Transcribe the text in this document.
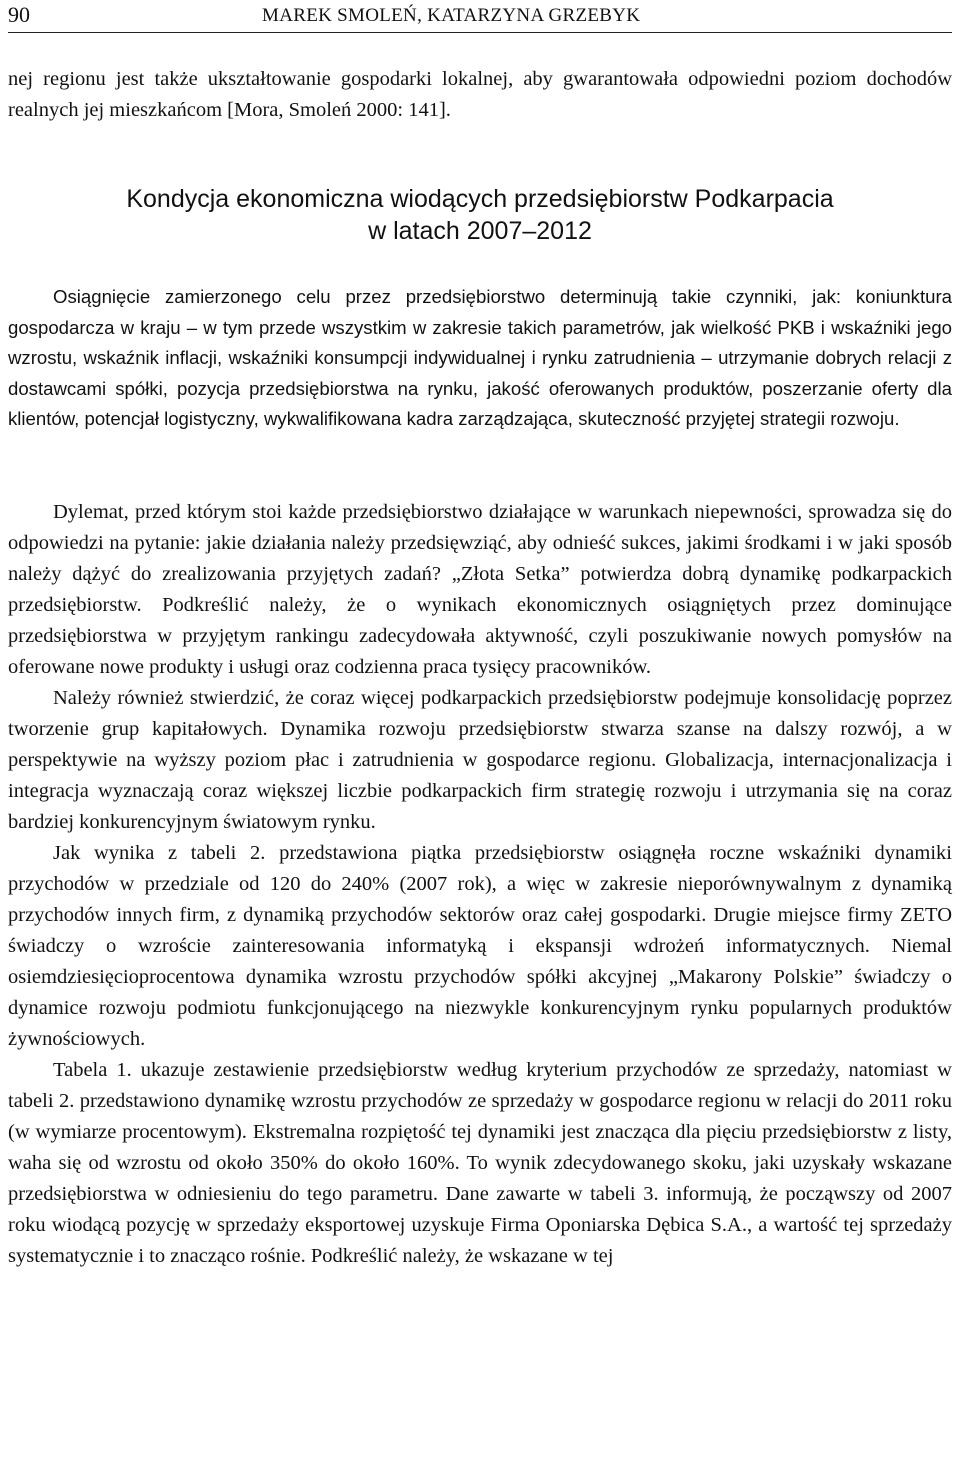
90	MAREK SMOLEŃ, KATARZYNA GRZEBYK

nej regionu jest także ukształtowanie gospodarki lokalnej, aby gwarantowała odpowiedni poziom dochodów realnych jej mieszkańcom [Mora, Smoleń 2000: 141].

Kondycja ekonomiczna wiodących przedsiębiorstw Podkarpacia
w latach 2007–2012

Osiągnięcie zamierzonego celu przez przedsiębiorstwo determinują takie czynniki, jak: koniunktura gospodarcza w kraju – w tym przede wszystkim w zakresie takich parametrów, jak wielkość PKB i wskaźniki jego wzrostu, wskaźnik inflacji, wskaźniki konsumpcji indywidualnej i rynku zatrudnienia – utrzymanie dobrych relacji z dostawcami spółki, pozycja przedsiębiorstwa na rynku, jakość oferowanych produktów, poszerzanie oferty dla klientów, potencjał logistyczny, wykwalifikowana kadra zarządzająca, skuteczność przyjętej strategii rozwoju.

Dylemat, przed którym stoi każde przedsiębiorstwo działające w warunkach niepewności, sprowadza się do odpowiedzi na pytanie: jakie działania należy przedsięwziąć, aby odnieść sukces, jakimi środkami i w jaki sposób należy dążyć do zrealizowania przyjętych zadań? „Złota Setka” potwierdza dobrą dynamikę podkarpackich przedsiębiorstw. Podkreślić należy, że o wynikach ekonomicznych osiągniętych przez dominujące przedsiębiorstwa w przyjętym rankingu zadecydowała aktywność, czyli poszukiwanie nowych pomysłów na oferowane nowe produkty i usługi oraz codzienna praca tysięcy pracowników.

Należy również stwierdzić, że coraz więcej podkarpackich przedsiębiorstw podejmuje konsolidację poprzez tworzenie grup kapitałowych. Dynamika rozwoju przedsiębiorstw stwarza szanse na dalszy rozwój, a w perspektywie na wyższy poziom płac i zatrudnienia w gospodarce regionu. Globalizacja, internacjonalizacja i integracja wyznaczają coraz większej liczbie podkarpackich firm strategię rozwoju i utrzymania się na coraz bardziej konkurencyjnym światowym rynku.

Jak wynika z tabeli 2. przedstawiona piątka przedsiębiorstw osiągnęła roczne wskaźniki dynamiki przychodów w przedziale od 120 do 240% (2007 rok), a więc w zakresie nieporównywalnym z dynamiką przychodów innych firm, z dynamiką przychodów sektorów oraz całej gospodarki. Drugie miejsce firmy ZETO świadczy o wzroście zainteresowania informatyką i ekspansji wdrożeń informatycznych. Niemal osiemdziesięcioprocentowa dynamika wzrostu przychodów spółki akcyjnej „Makarony Polskie” świadczy o dynamice rozwoju podmiotu funkcjonującego na niezwykle konkurencyjnym rynku popularnych produktów żywnościowych.

Tabela 1. ukazuje zestawienie przedsiębiorstw według kryterium przychodów ze sprzedaży, natomiast w tabeli 2. przedstawiono dynamikę wzrostu przychodów ze sprzedaży w gospodarce regionu w relacji do 2011 roku (w wymiarze procentowym). Ekstremalna rozpiętość tej dynamiki jest znacząca dla pięciu przedsiębiorstw z listy, waha się od wzrostu od około 350% do około 160%. To wynik zdecydowanego skoku, jaki uzyskały wskazane przedsiębiorstwa w odniesieniu do tego parametru. Dane zawarte w tabeli 3. informują, że począwszy od 2007 roku wiodącą pozycję w sprzedaży eksportowej uzyskuje Firma Oponiarska Dębica S.A., a wartość tej sprzedaży systematycznie i to znacząco rośnie. Podkreślić należy, że wskazane w tej
